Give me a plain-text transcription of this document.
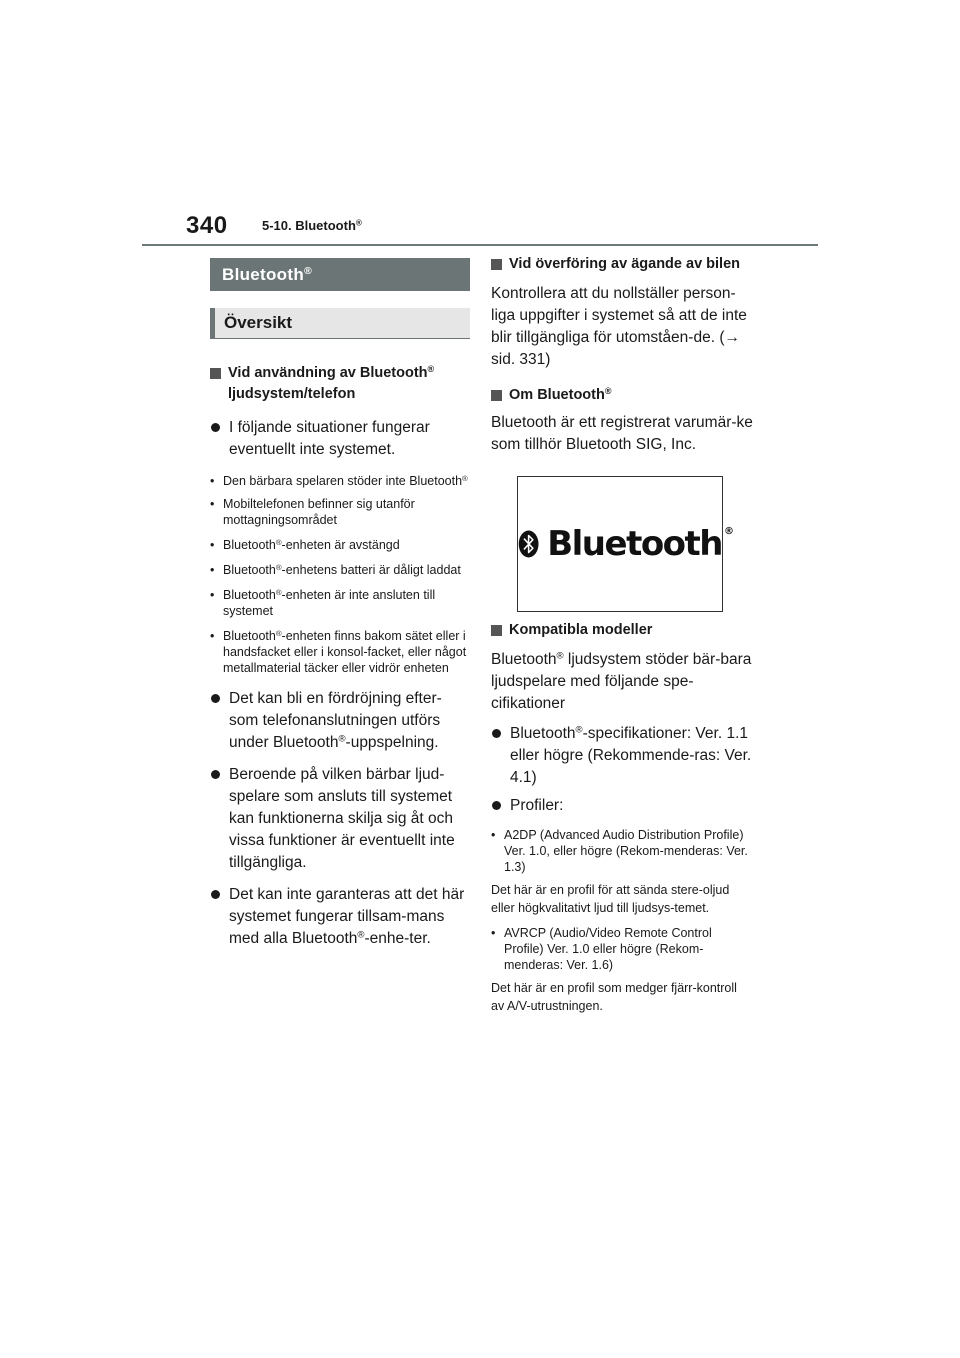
340	5-10. Bluetooth®
Bluetooth®
Översikt
Vid användning av Bluetooth®
ljudsystem/telefon
I följande situationer fungerar eventuellt inte systemet.
• Den bärbara spelaren stöder inte Bluetooth®
• Mobiltelefonen befinner sig utanför mottagningsområdet
• Bluetooth®-enheten är avstängd
• Bluetooth®-enhetens batteri är dåligt laddat
• Bluetooth®-enheten är inte ansluten till systemet
• Bluetooth®-enheten finns bakom sätet eller i handsfacket eller i konsol-facket, eller något metallmaterial täcker eller vidrör enheten
Det kan bli en fördröjning efter-som telefonanslutningen utförs under Bluetooth®-uppspelning.
Beroende på vilken bärbar ljud-spelare som ansluts till systemet kan funktionerna skilja sig åt och vissa funktioner är eventuellt inte tillgängliga.
Det kan inte garanteras att det här systemet fungerar tillsam-mans med alla Bluetooth®-enhe-ter.
Vid överföring av ägande av bilen
Kontrollera att du nollställer person-liga uppgifter i systemet så att de inte blir tillgängliga för utomståen-de. (→ sid. 331)
Om Bluetooth®
Bluetooth är ett registrerat varumär-ke som tillhör Bluetooth SIG, Inc.
Bluetooth ®
Kompatibla modeller
Bluetooth® ljudsystem stöder bär-bara ljudspelare med följande spe-cifikationer
Bluetooth®-specifikationer: Ver. 1.1 eller högre (Rekommende-ras: Ver. 4.1)
Profiler:
• A2DP (Advanced Audio Distribution Profile) Ver. 1.0, eller högre (Rekom-menderas: Ver. 1.3)
Det här är en profil för att sända stere-oljud eller högkvalitativt ljud till ljudsys-temet.
• AVRCP (Audio/Video Remote Control Profile) Ver. 1.0 eller högre (Rekom-menderas: Ver. 1.6)
Det här är en profil som medger fjärr-kontroll av A/V-utrustningen.
